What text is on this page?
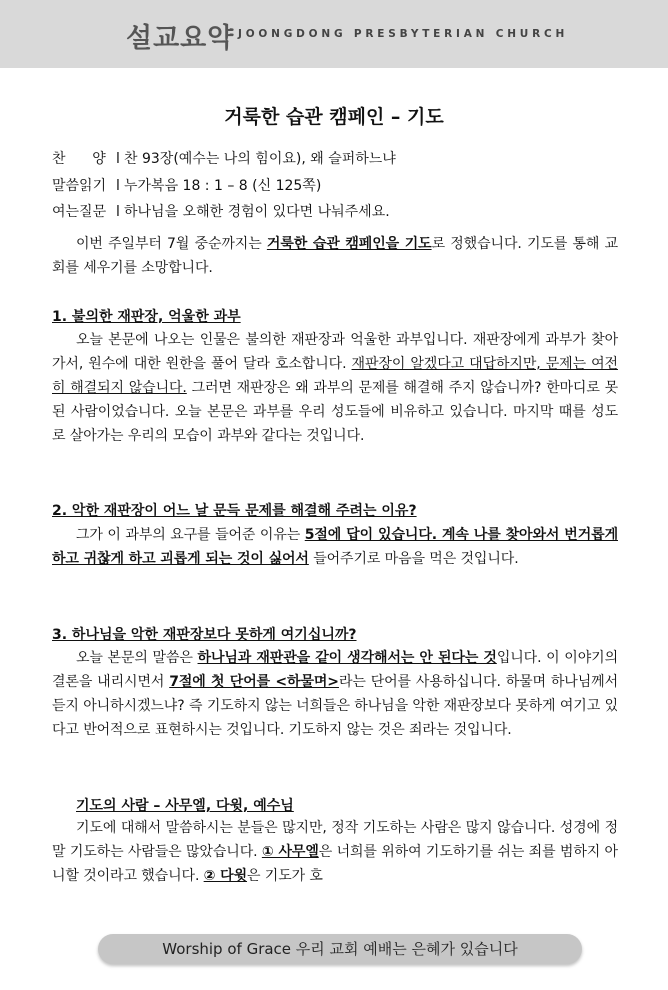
설교요약 JOONGDONG PRESBYTERIAN CHURCH
거룩한 습관 캠페인 – 기도
찬      양 l 찬 93장(예수는 나의 힘이요), 왜 슬퍼하느냐
말씀읽기 l 누가복음 18 : 1 – 8 (신 125쪽)
여는질문 l 하나님을 오해한 경험이 있다면 나눠주세요.
이번 주일부터 7월 중순까지는 거룩한 습관 캠페인을 기도로 정했습니다. 기도를 통해 교회를 세우기를 소망합니다.
1. 불의한 재판장, 억울한 과부
오늘 본문에 나오는 인물은 불의한 재판장과 억울한 과부입니다. 재판장에게 과부가 찾아가서, 원수에 대한 원한을 풀어 달라 호소합니다. 재판장이 알겠다고 대답하지만, 문제는 여전히 해결되지 않습니다. 그러면 재판장은 왜 과부의 문제를 해결해 주지 않습니까? 한마디로 못된 사람이었습니다. 오늘 본문은 과부를 우리 성도들에 비유하고 있습니다. 마지막 때를 성도로 살아가는 우리의 모습이 과부와 같다는 것입니다.
2. 악한 재판장이 어느 날 문득 문제를 해결해 주려는 이유?
그가 이 과부의 요구를 들어준 이유는 5절에 답이 있습니다. 계속 나를 찾아와서 번거롭게 하고 귀찮게 하고 괴롭게 되는 것이 싫어서 들어주기로 마음을 먹은 것입니다.
3. 하나님을 악한 재판장보다 못하게 여기십니까?
오늘 본문의 말씀은 하나님과 재판관을 같이 생각해서는 안 된다는 것입니다. 이 이야기의 결론을 내리시면서 7절에 첫 단어를 <하물며>라는 단어를 사용하십니다. 하물며 하나님께서 듣지 아니하시겠느냐? 즉 기도하지 않는 너희들은 하나님을 악한 재판장보다 못하게 여기고 있다고 반어적으로 표현하시는 것입니다. 기도하지 않는 것은 죄라는 것입니다.
기도의 사람 – 사무엘, 다윗, 예수님
기도에 대해서 말씀하시는 분들은 많지만, 정작 기도하는 사람은 많지 않습니다. 성경에 정말 기도하는 사람들은 많았습니다. ① 사무엘은 너희를 위하여 기도하기를 쉬는 죄를 범하지 아니할 것이라고 했습니다. ② 다윗은 기도가 호
Worship of Grace 우리 교회 예배는 은혜가 있습니다
